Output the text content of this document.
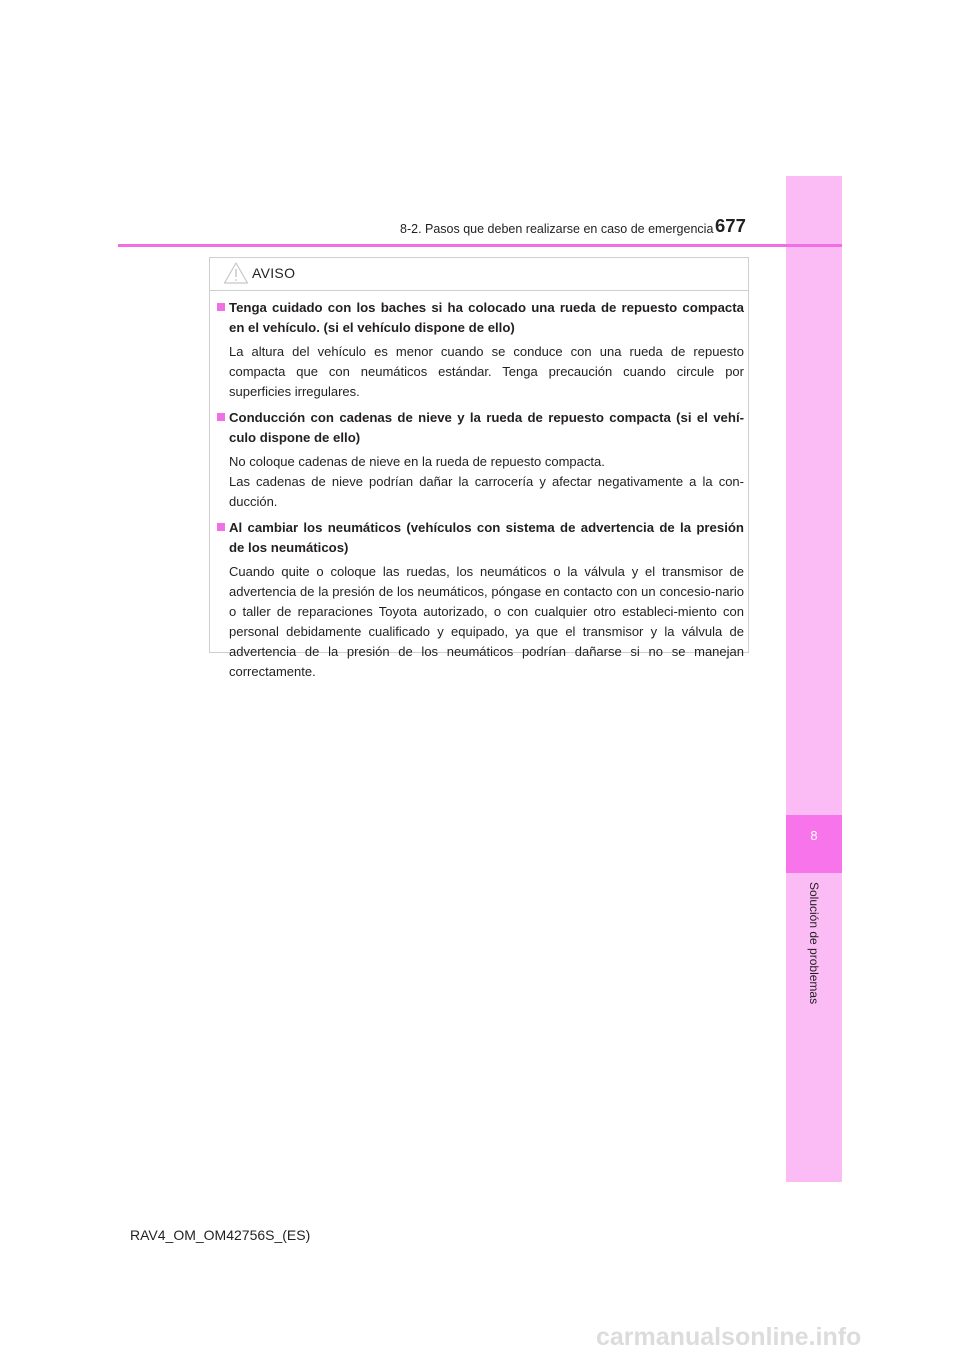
8
Solución de problemas
8-2. Pasos que deben realizarse en caso de emergencia 677
AVISO
Tenga cuidado con los baches si ha colocado una rueda de repuesto compacta en el vehículo. (si el vehículo dispone de ello)

La altura del vehículo es menor cuando se conduce con una rueda de repuesto compacta que con neumáticos estándar. Tenga precaución cuando circule por superficies irregulares.

Conducción con cadenas de nieve y la rueda de repuesto compacta (si el vehí-culo dispone de ello)

No coloque cadenas de nieve en la rueda de repuesto compacta.

Las cadenas de nieve podrían dañar la carrocería y afectar negativamente a la con-ducción.

Al cambiar los neumáticos (vehículos con sistema de advertencia de la presión de los neumáticos)

Cuando quite o coloque las ruedas, los neumáticos o la válvula y el transmisor de advertencia de la presión de los neumáticos, póngase en contacto con un concesio-nario o taller de reparaciones Toyota autorizado, o con cualquier otro estableci-miento con personal debidamente cualificado y equipado, ya que el transmisor y la válvula de advertencia de la presión de los neumáticos podrían dañarse si no se manejan correctamente.

RAV4_OM_OM42756S_(ES)
carmanualsonline.info
